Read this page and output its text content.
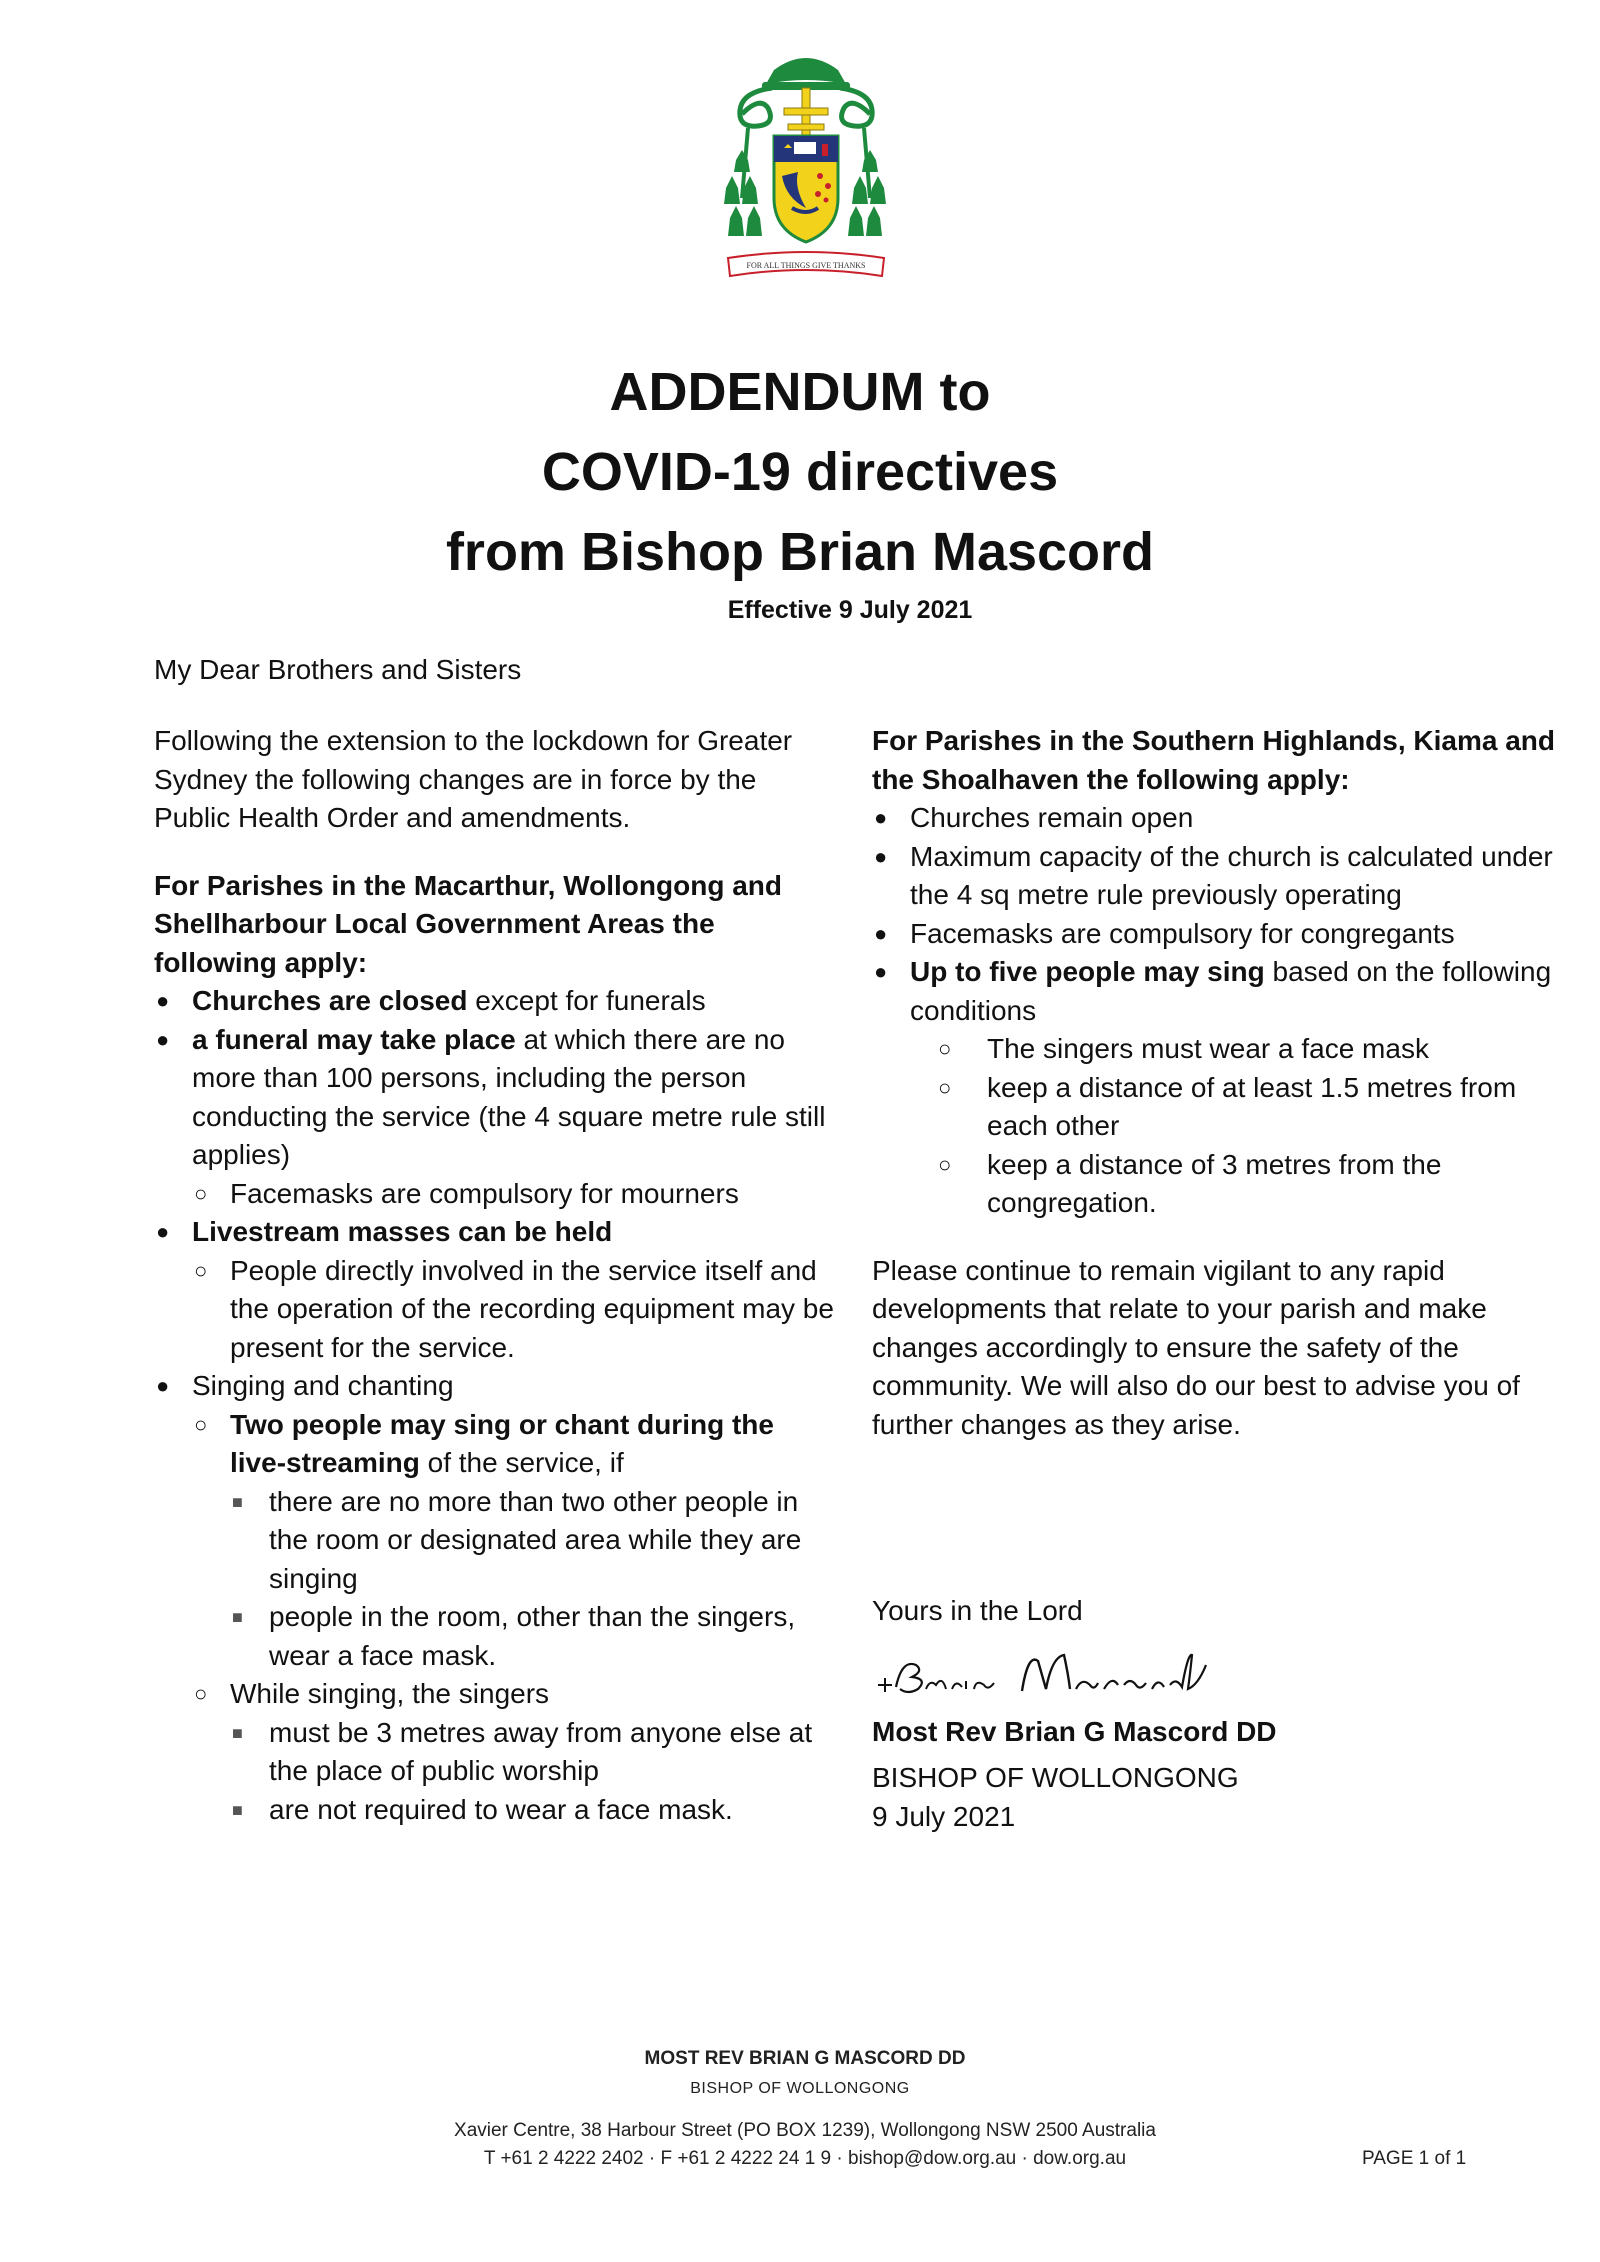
FOR ALL THINGS GIVE THANKS
ADDENDUM to
COVID-19 directives
from Bishop Brian Mascord
Effective 9 July 2021
My Dear Brothers and Sisters

Following the extension to the lockdown for Greater Sydney the following changes are in force by the Public Health Order and amendments.

For Parishes in the Macarthur, Wollongong and Shellharbour Local Government Areas the following apply:

● Churches are closed except for funerals
● a funeral may take place at which there are no more than 100 persons, including the person conducting the service (the 4 square metre rule still applies)
○ Facemasks are compulsory for mourners
● Livestream masses can be held
○ People directly involved in the service itself and the operation of the recording equipment may be present for the service.
● Singing and chanting
○ Two people may sing or chant during the live-streaming of the service, if
■ there are no more than two other people in the room or designated area while they are singing
■ people in the room, other than the singers, wear a face mask.
○ While singing, the singers
■ must be 3 metres away from anyone else at the place of public worship
■ are not required to wear a face mask.

For Parishes in the Southern Highlands, Kiama and the Shoalhaven the following apply:

● Churches remain open
● Maximum capacity of the church is calculated under the 4 sq metre rule previously operating
● Facemasks are compulsory for congregants
● Up to five people may sing based on the following conditions
○ The singers must wear a face mask
○ keep a distance of at least 1.5 metres from each other
○ keep a distance of 3 metres from the congregation.

Please continue to remain vigilant to any rapid developments that relate to your parish and make changes accordingly to ensure the safety of the community. We will also do our best to advise you of further changes as they arise.

Yours in the Lord
Most Rev Brian G Mascord DD
BISHOP OF WOLLONGONG
9 July 2021
MOST REV BRIAN G MASCORD DD
BISHOP OF WOLLONGONG
Xavier Centre, 38 Harbour Street (PO BOX 1239), Wollongong NSW 2500 Australia
T +61 2 4222 2402 · F +61 2 4222 24 1 9 · bishop@dow.org.au · dow.org.au	PAGE 1 of 1
